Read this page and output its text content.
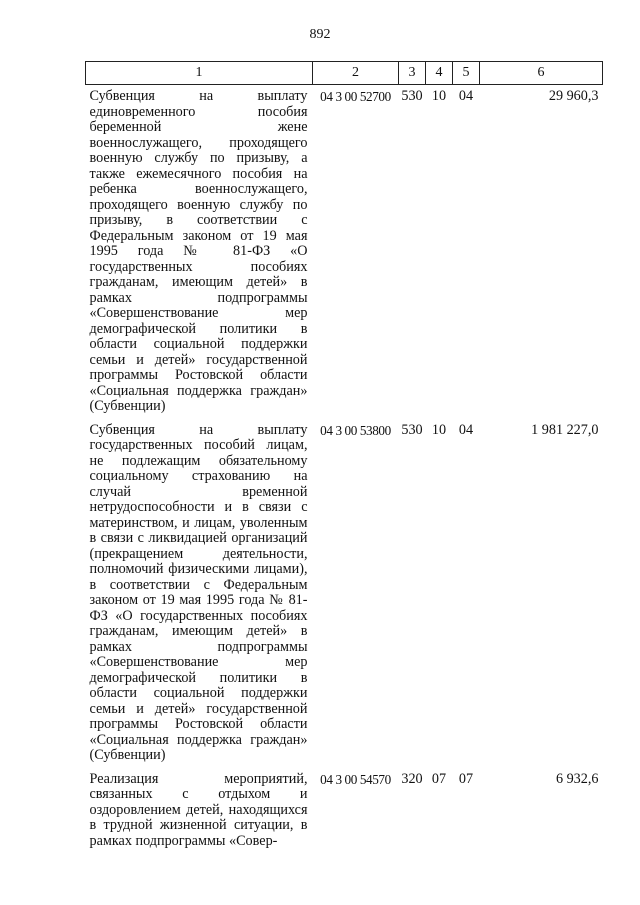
892
1	2	3	4	5	6
Субвенция на выплату единовременного пособия беременной жене военнослужащего, проходящего военную службу по призыву, а также ежемесячного пособия на ребенка военнослужащего, проходящего военную службу по призыву, в соответствии с Федеральным законом от 19 мая 1995 года № 81-ФЗ «О государственных пособиях гражданам, имеющим детей» в рамках подпрограммы «Совершенствование мер демографической политики в области социальной поддержки семьи и детей» государственной программы Ростовской области «Социальная поддержка граждан» (Субвенции)	04 3 00 52700	530	10	04	29 960,3
Субвенция на выплату государственных пособий лицам, не подлежащим обязательному социальному страхованию на случай временной нетрудоспособности и в связи с материнством, и лицам, уволенным в связи с ликвидацией организаций (прекращением деятельности, полномочий физическими лицами), в соответствии с Федеральным законом от 19 мая 1995 года № 81-ФЗ «О государственных пособиях гражданам, имеющим детей» в рамках подпрограммы «Совершенствование мер демографической политики в области социальной поддержки семьи и детей» государственной программы Ростовской области «Социальная поддержка граждан» (Субвенции)	04 3 00 53800	530	10	04	1 981 227,0
Реализация мероприятий, связанных с отдыхом и оздоровлением детей, находящихся в трудной жизненной ситуации, в рамках подпрограммы «Совер-	04 3 00 54570	320	07	07	6 932,6
